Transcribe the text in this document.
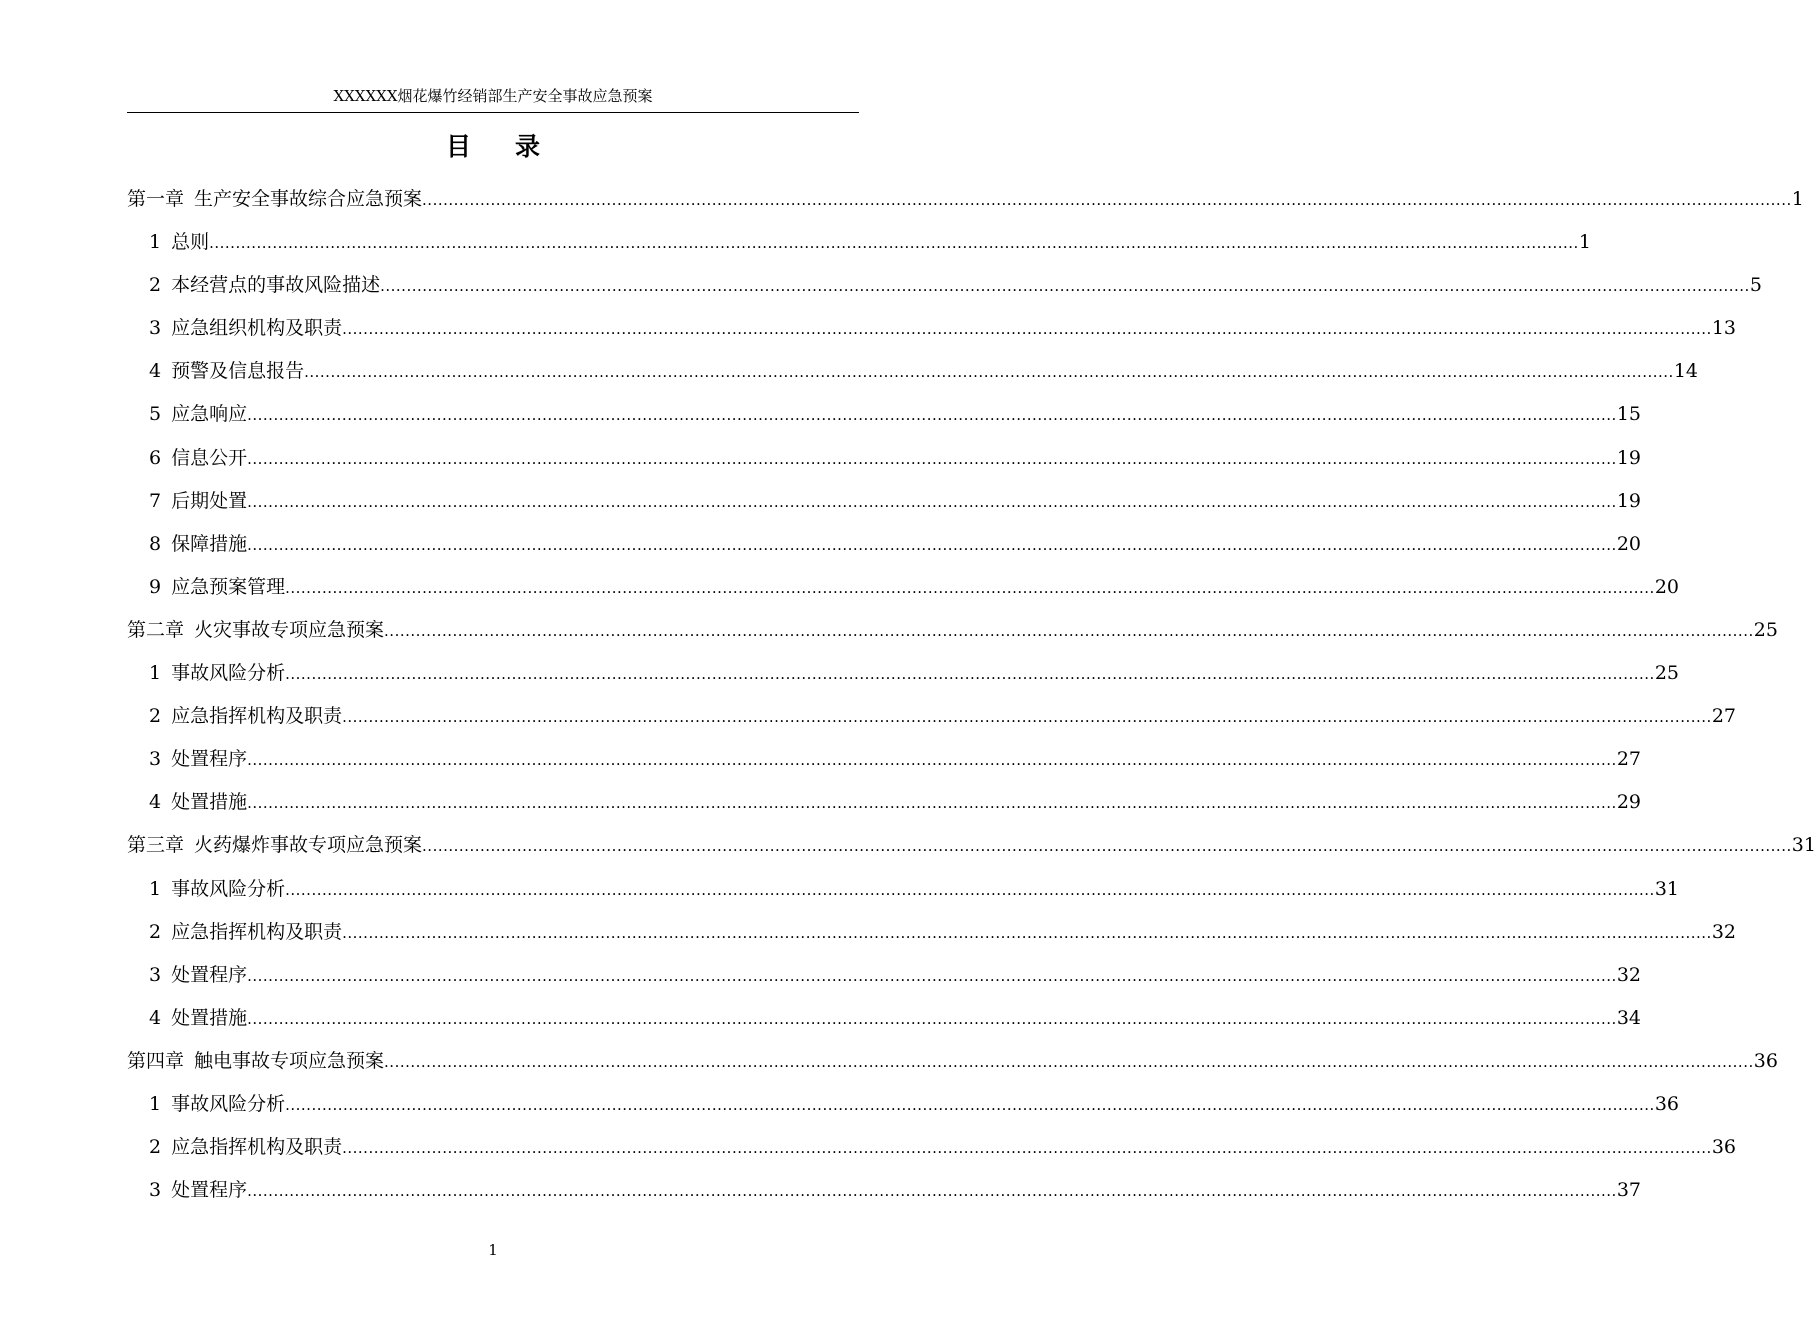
XXXXXX烟花爆竹经销部生产安全事故应急预案
目录
第一章 生产安全事故综合应急预案 .................................................................................................................................................................................................................................................................... 1
1 总则 .................................................................................................................................................................................................................................................................... 1
2 本经营点的事故风险描述 .................................................................................................................................................................................................................................................................... 5
3 应急组织机构及职责 .................................................................................................................................................................................................................................................................... 13
4 预警及信息报告 .................................................................................................................................................................................................................................................................... 14
5 应急响应 .................................................................................................................................................................................................................................................................... 15
6 信息公开 .................................................................................................................................................................................................................................................................... 19
7 后期处置 .................................................................................................................................................................................................................................................................... 19
8 保障措施 .................................................................................................................................................................................................................................................................... 20
9 应急预案管理 .................................................................................................................................................................................................................................................................... 20
第二章 火灾事故专项应急预案 .................................................................................................................................................................................................................................................................... 25
1 事故风险分析 .................................................................................................................................................................................................................................................................... 25
2 应急指挥机构及职责 .................................................................................................................................................................................................................................................................... 27
3 处置程序 .................................................................................................................................................................................................................................................................... 27
4 处置措施 .................................................................................................................................................................................................................................................................... 29
第三章 火药爆炸事故专项应急预案 .................................................................................................................................................................................................................................................................... 31
1 事故风险分析 .................................................................................................................................................................................................................................................................... 31
2 应急指挥机构及职责 .................................................................................................................................................................................................................................................................... 32
3 处置程序 .................................................................................................................................................................................................................................................................... 32
4 处置措施 .................................................................................................................................................................................................................................................................... 34
第四章 触电事故专项应急预案 .................................................................................................................................................................................................................................................................... 36
1 事故风险分析 .................................................................................................................................................................................................................................................................... 36
2 应急指挥机构及职责 .................................................................................................................................................................................................................................................................... 36
3 处置程序 .................................................................................................................................................................................................................................................................... 37
1
